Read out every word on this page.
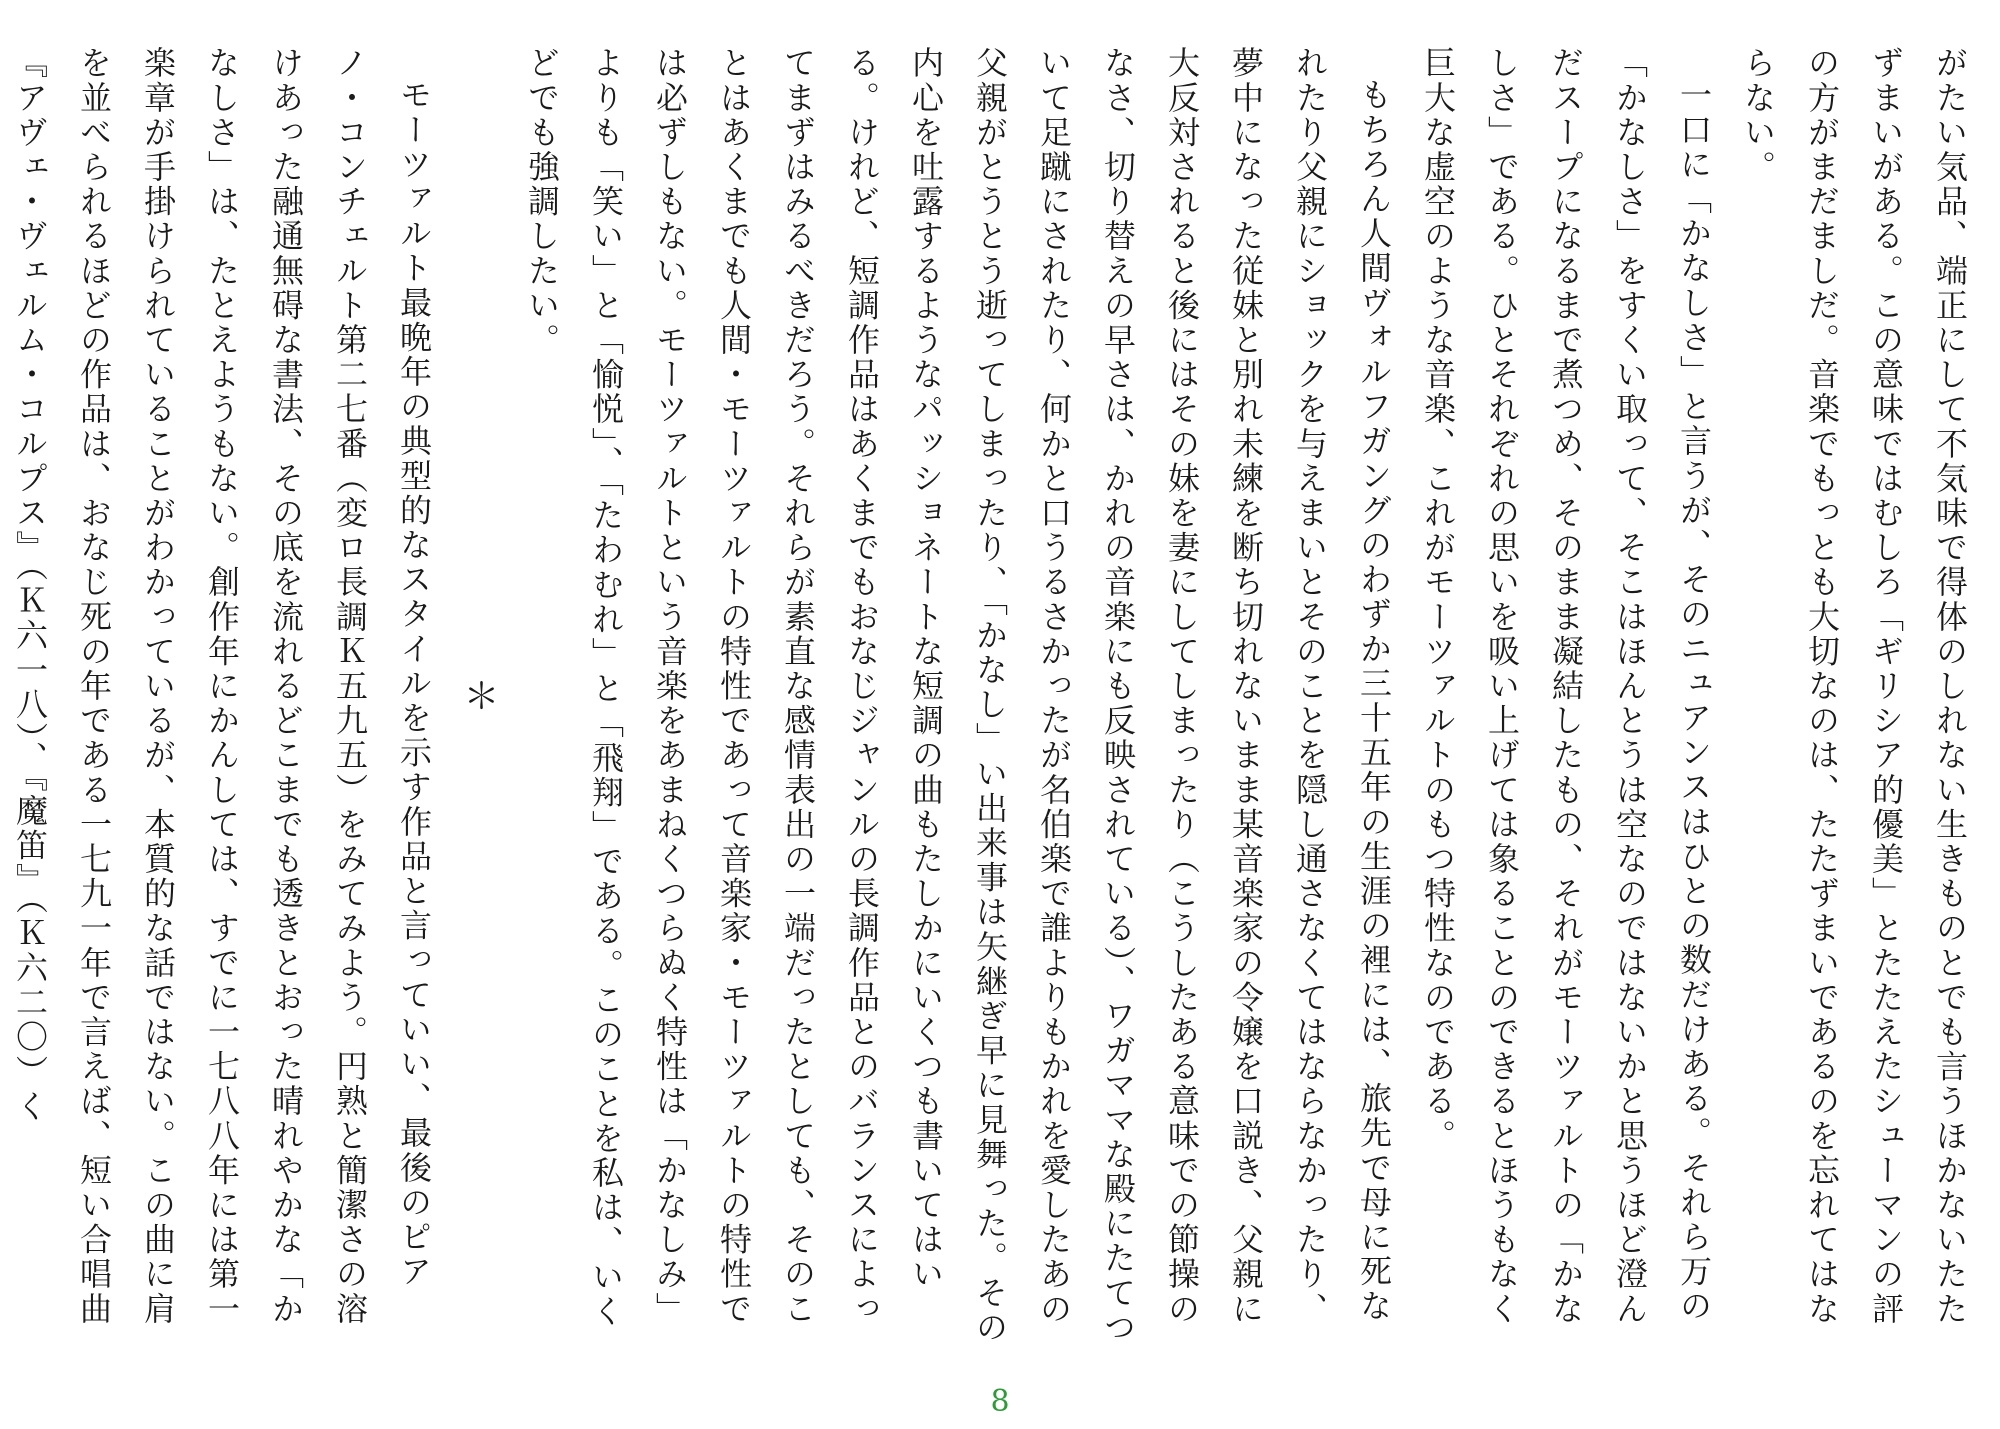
がたい気品、端正にして不気味で得体のしれない生きものとでも言うほかないたたずまいがある。この意味ではむしろ「ギリシア的優美」とたたえたシューマンの評の方がまだましだ。音楽でもっとも大切なのは、たたずまいであるのを忘れてはならない。

一口に「かなしさ」と言うが、そのニュアンスはひとの数だけある。それら万の「かなしさ」をすくい取って、そこはほんとうは空なのではないかと思うほど澄んだスープになるまで煮つめ、そのまま凝結したもの、それがモーツァルトの「かなしさ」である。ひとそれぞれの思いを吸い上げては象ることのできるとほうもなく巨大な虚空のような音楽、これがモーツァルトのもつ特性なのである。

もちろん人間ヴォルフガングのわずか三十五年の生涯の裡には、旅先で母に死なれたり父親にショックを与えまいとそのことを隠し通さなくてはならなかったり、夢中になった従妹と別れ未練を断ち切れないまま某音楽家の令嬢を口説き、父親に大反対されると後にはその妹を妻にしてしまったり（こうしたある意味での節操のなさ、切り替えの早さは、かれの音楽にも反映されている）、ワガママな殿にたてついて足蹴にされたり、何かと口うるさかったが名伯楽で誰よりもかれを愛したあの父親がとうとう逝ってしまったり、「かなし」い出来事は矢継ぎ早に見舞った。その内心を吐露するようなパッショネートな短調の曲もたしかにいくつも書いてはいる。けれど、短調作品はあくまでもおなじジャンルの長調作品とのバランスによってまずはみるべきだろう。それらが素直な感情表出の一端だったとしても、そのことはあくまでも人間・モーツァルトの特性であって音楽家・モーツァルトの特性では必ずしもない。モーツァルトという音楽をあまねくつらぬく特性は「かなしみ」よりも「笑い」と「愉悦」、「たわむれ」と「飛翔」である。このことを私は、いくどでも強調したい。

＊

モーツァルト最晩年の典型的なスタイルを示す作品と言っていい、最後のピアノ・コンチェルト第二七番（変ロ長調Ｋ五九五）をみてみよう。円熟と簡潔さの溶けあった融通無碍な書法、その底を流れるどこまでも透きとおった晴れやかな「かなしさ」は、たとえようもない。創作年にかんしては、すでに一七八八年には第一楽章が手掛けられていることがわかっているが、本質的な話ではない。この曲に肩を並べられるほどの作品は、おなじ死の年である一七九一年で言えば、短い合唱曲『アヴェ・ヴェルム・コルプス』（Ｋ六一八）、『魔笛』（Ｋ六二〇）く

8
